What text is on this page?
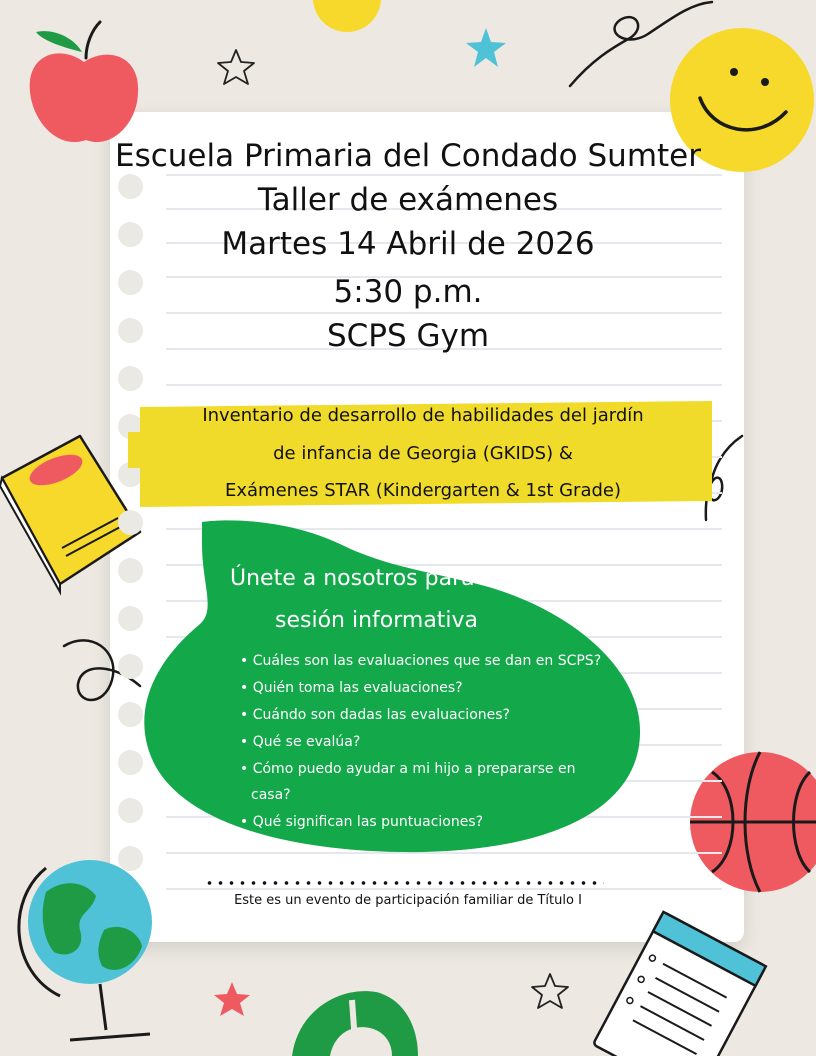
Escuela Primaria del Condado Sumter
Taller de exámenes
Martes 14 Abril de 2026
5:30 p.m.
SCPS Gym
Inventario de desarrollo de habilidades del jardín
de infancia de Georgia (GKIDS) &
Exámenes STAR (Kindergarten & 1st Grade)
Únete a nosotros para una
sesión informativa
• Cuáles son las evaluaciones que se dan en SCPS?
• Quién toma las evaluaciones?
• Cuándo son dadas las evaluaciones?
• Qué se evalúa?
• Cómo puedo ayudar a mi hijo a prepararse en
casa?
• Qué significan las puntuaciones?
Este es un evento de participación familiar de Título I
